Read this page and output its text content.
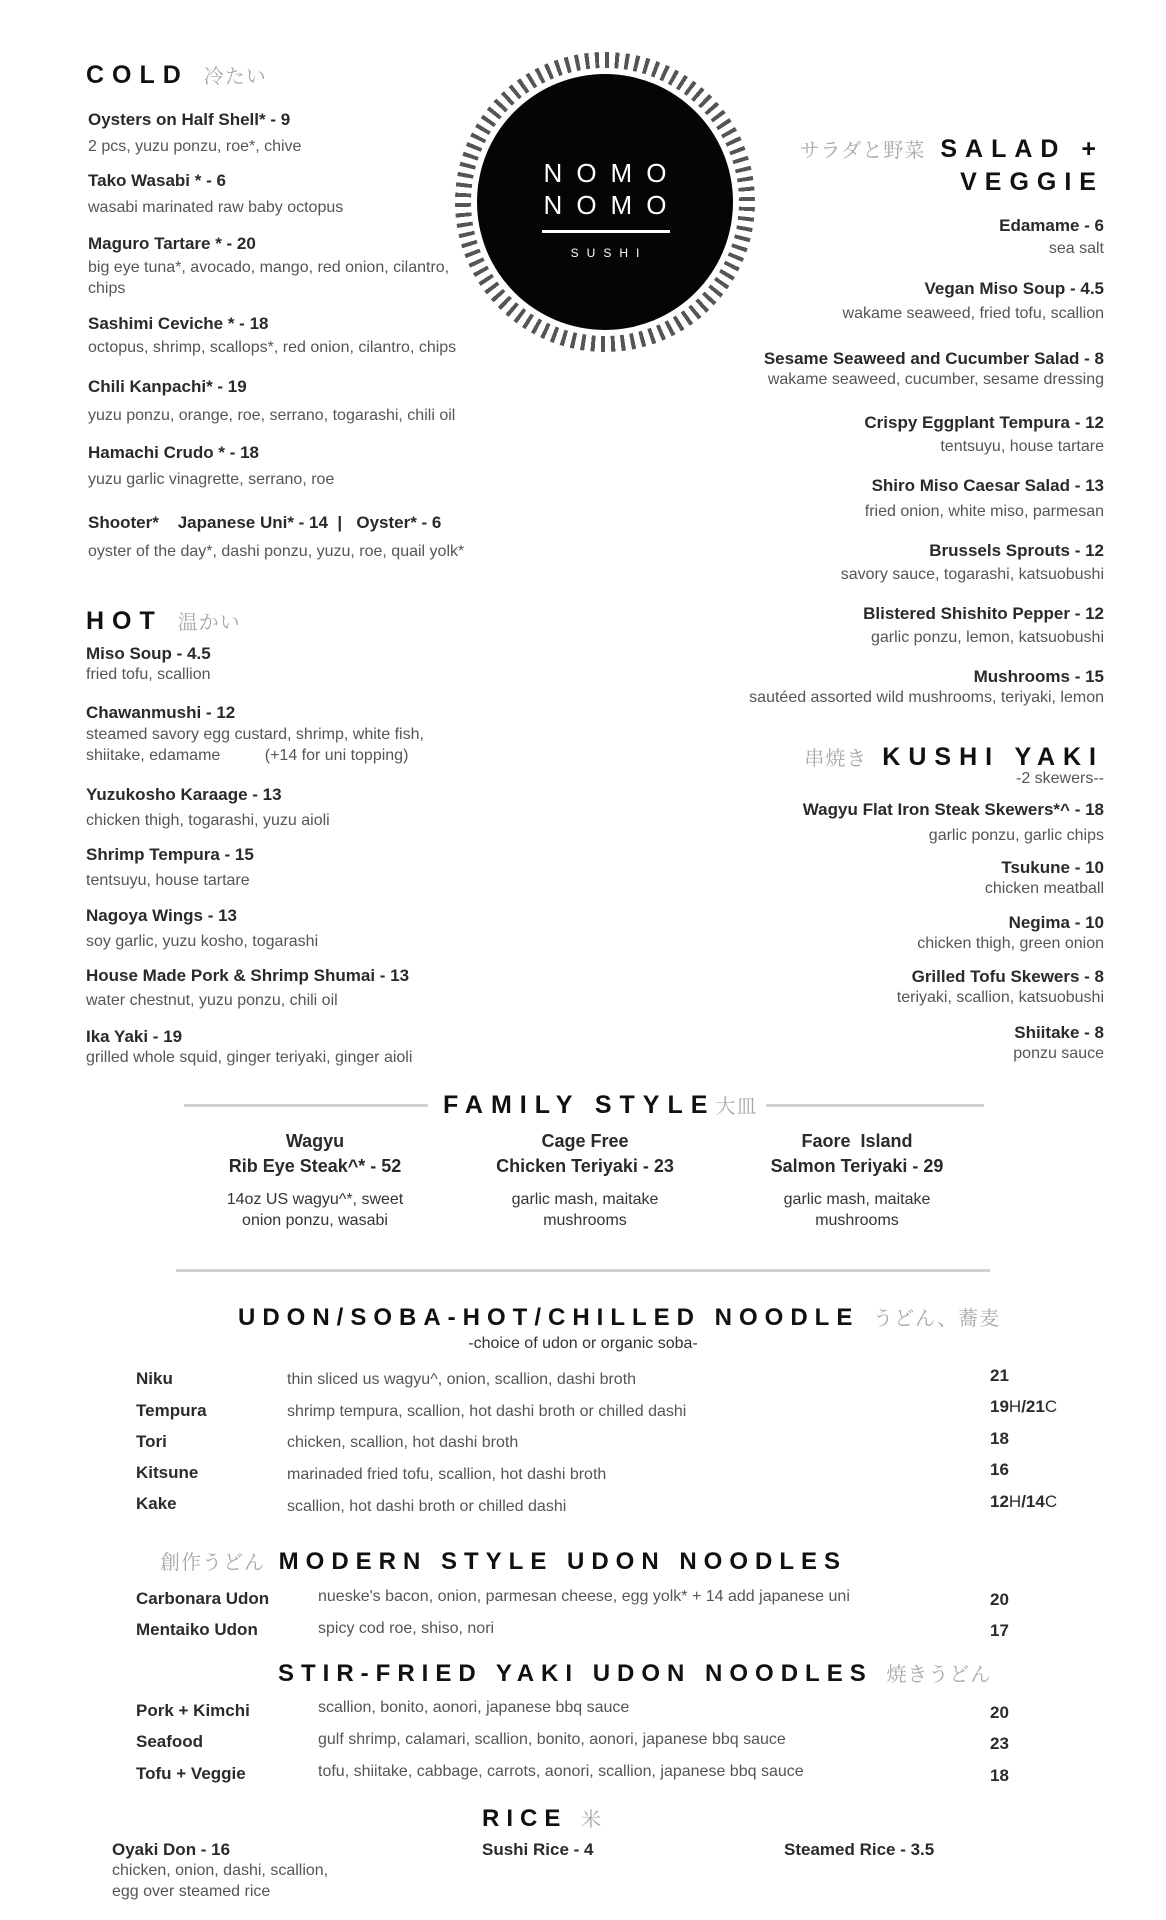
COLD 冷たい
Oysters on Half Shell* - 9
2 pcs, yuzu ponzu, roe*, chive
Tako Wasabi * - 6
wasabi marinated raw baby octopus
Maguro Tartare * - 20
big eye tuna*, avocado, mango, red onion, cilantro, chips
Sashimi Ceviche * - 18
octopus, shrimp, scallops*, red onion, cilantro, chips
Chili Kanpachi* - 19
yuzu ponzu, orange, roe, serrano, togarashi, chili oil
Hamachi Crudo * - 18
yuzu garlic vinagrette, serrano, roe
Shooter*    Japanese Uni* - 14  |   Oyster* - 6
oyster of the day*, dashi ponzu, yuzu, roe, quail yolk*
NOMO
NOMO
SUSHI
サラダと野菜 SALAD +
VEGGIE
Edamame - 6
sea salt
Vegan Miso Soup - 4.5
wakame seaweed, fried tofu, scallion
Sesame Seaweed and Cucumber Salad - 8
wakame seaweed, cucumber, sesame dressing
Crispy Eggplant Tempura - 12
tentsuyu, house tartare
Shiro Miso Caesar Salad - 13
fried onion, white miso, parmesan
Brussels Sprouts - 12
savory sauce, togarashi, katsuobushi
Blistered Shishito Pepper - 12
garlic ponzu, lemon, katsuobushi
Mushrooms - 15
sautéed assorted wild mushrooms, teriyaki, lemon
HOT 温かい
Miso Soup - 4.5
fried tofu, scallion
Chawanmushi - 12
steamed savory egg custard, shrimp, white fish,
shiitake, edamame          (+14 for uni topping)
Yuzukosho Karaage - 13
chicken thigh, togarashi, yuzu aioli
Shrimp Tempura - 15
tentsuyu, house tartare
Nagoya Wings - 13
soy garlic, yuzu kosho, togarashi
House Made Pork & Shrimp Shumai - 13
water chestnut, yuzu ponzu, chili oil
Ika Yaki - 19
grilled whole squid, ginger teriyaki, ginger aioli
串焼き KUSHI YAKI
-2 skewers--
Wagyu Flat Iron Steak Skewers*^ - 18
garlic ponzu, garlic chips
Tsukune - 10
chicken meatball
Negima - 10
chicken thigh, green onion
Grilled Tofu Skewers - 8
teriyaki, scallion, katsuobushi
Shiitake - 8
ponzu sauce
FAMILY STYLE大皿
Wagyu
Rib Eye Steak^* - 52
14oz US wagyu^*, sweet
onion ponzu, wasabi
Cage Free
Chicken Teriyaki - 23
garlic mash, maitake
mushrooms
Faore  Island
Salmon Teriyaki - 29
garlic mash, maitake
mushrooms
UDON/SOBA-HOT/CHILLED NOODLE うどん、蕎麦
-choice of udon or organic soba-
Niku	thin sliced us wagyu^, onion, scallion, dashi broth	21
Tempura	shrimp tempura, scallion, hot dashi broth or chilled dashi	19H/21C
Tori	chicken, scallion, hot dashi broth	18
Kitsune	marinaded fried tofu, scallion, hot dashi broth	16
Kake	scallion, hot dashi broth or chilled dashi	12H/14C
創作うどん MODERN STYLE UDON NOODLES
Carbonara Udon	nueske's bacon, onion, parmesan cheese, egg yolk* + 14 add japanese uni	20
Mentaiko Udon	spicy cod roe, shiso, nori	17
STIR-FRIED YAKI UDON NOODLES 焼きうどん
Pork + Kimchi	scallion, bonito, aonori, japanese bbq sauce	20
Seafood	gulf shrimp, calamari, scallion, bonito, aonori, japanese bbq sauce	23
Tofu + Veggie	tofu, shiitake, cabbage, carrots, aonori, scallion, japanese bbq sauce	18
RICE 米
Oyaki Don - 16
chicken, onion, dashi, scallion,
egg over steamed rice
Sushi Rice - 4	Steamed Rice - 3.5
